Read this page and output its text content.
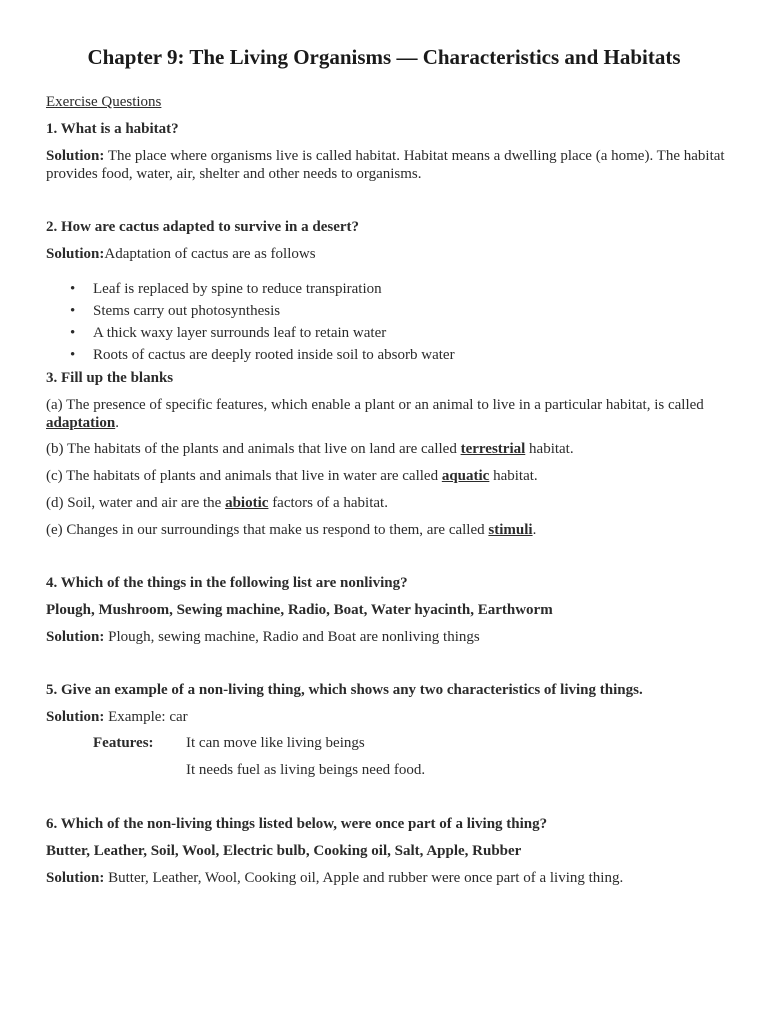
Chapter 9: The Living Organisms — Characteristics and Habitats

Exercise Questions

1. What is a habitat?

Solution: The place where organisms live is called habitat. Habitat means a dwelling place (a home). The habitat provides food, water, air, shelter and other needs to organisms.

2. How are cactus adapted to survive in a desert?

Solution:Adaptation of cactus are as follows

• Leaf is replaced by spine to reduce transpiration
• Stems carry out photosynthesis
• A thick waxy layer surrounds leaf to retain water
• Roots of cactus are deeply rooted inside soil to absorb water

3. Fill up the blanks

(a) The presence of specific features, which enable a plant or an animal to live in a particular habitat, is called adaptation.

(b) The habitats of the plants and animals that live on land are called terrestrial habitat.

(c) The habitats of plants and animals that live in water are called aquatic habitat.

(d) Soil, water and air are the abiotic factors of a habitat.

(e) Changes in our surroundings that make us respond to them, are called stimuli.

4. Which of the things in the following list are nonliving?

Plough, Mushroom, Sewing machine, Radio, Boat, Water hyacinth, Earthworm

Solution: Plough, sewing machine, Radio and Boat are nonliving things

5. Give an example of a non-living thing, which shows any two characteristics of living things.

Solution: Example: car

Features: It can move like living beings
It needs fuel as living beings need food.

6. Which of the non-living things listed below, were once part of a living thing?

Butter, Leather, Soil, Wool, Electric bulb, Cooking oil, Salt, Apple, Rubber

Solution: Butter, Leather, Wool, Cooking oil, Apple and rubber were once part of a living thing.
